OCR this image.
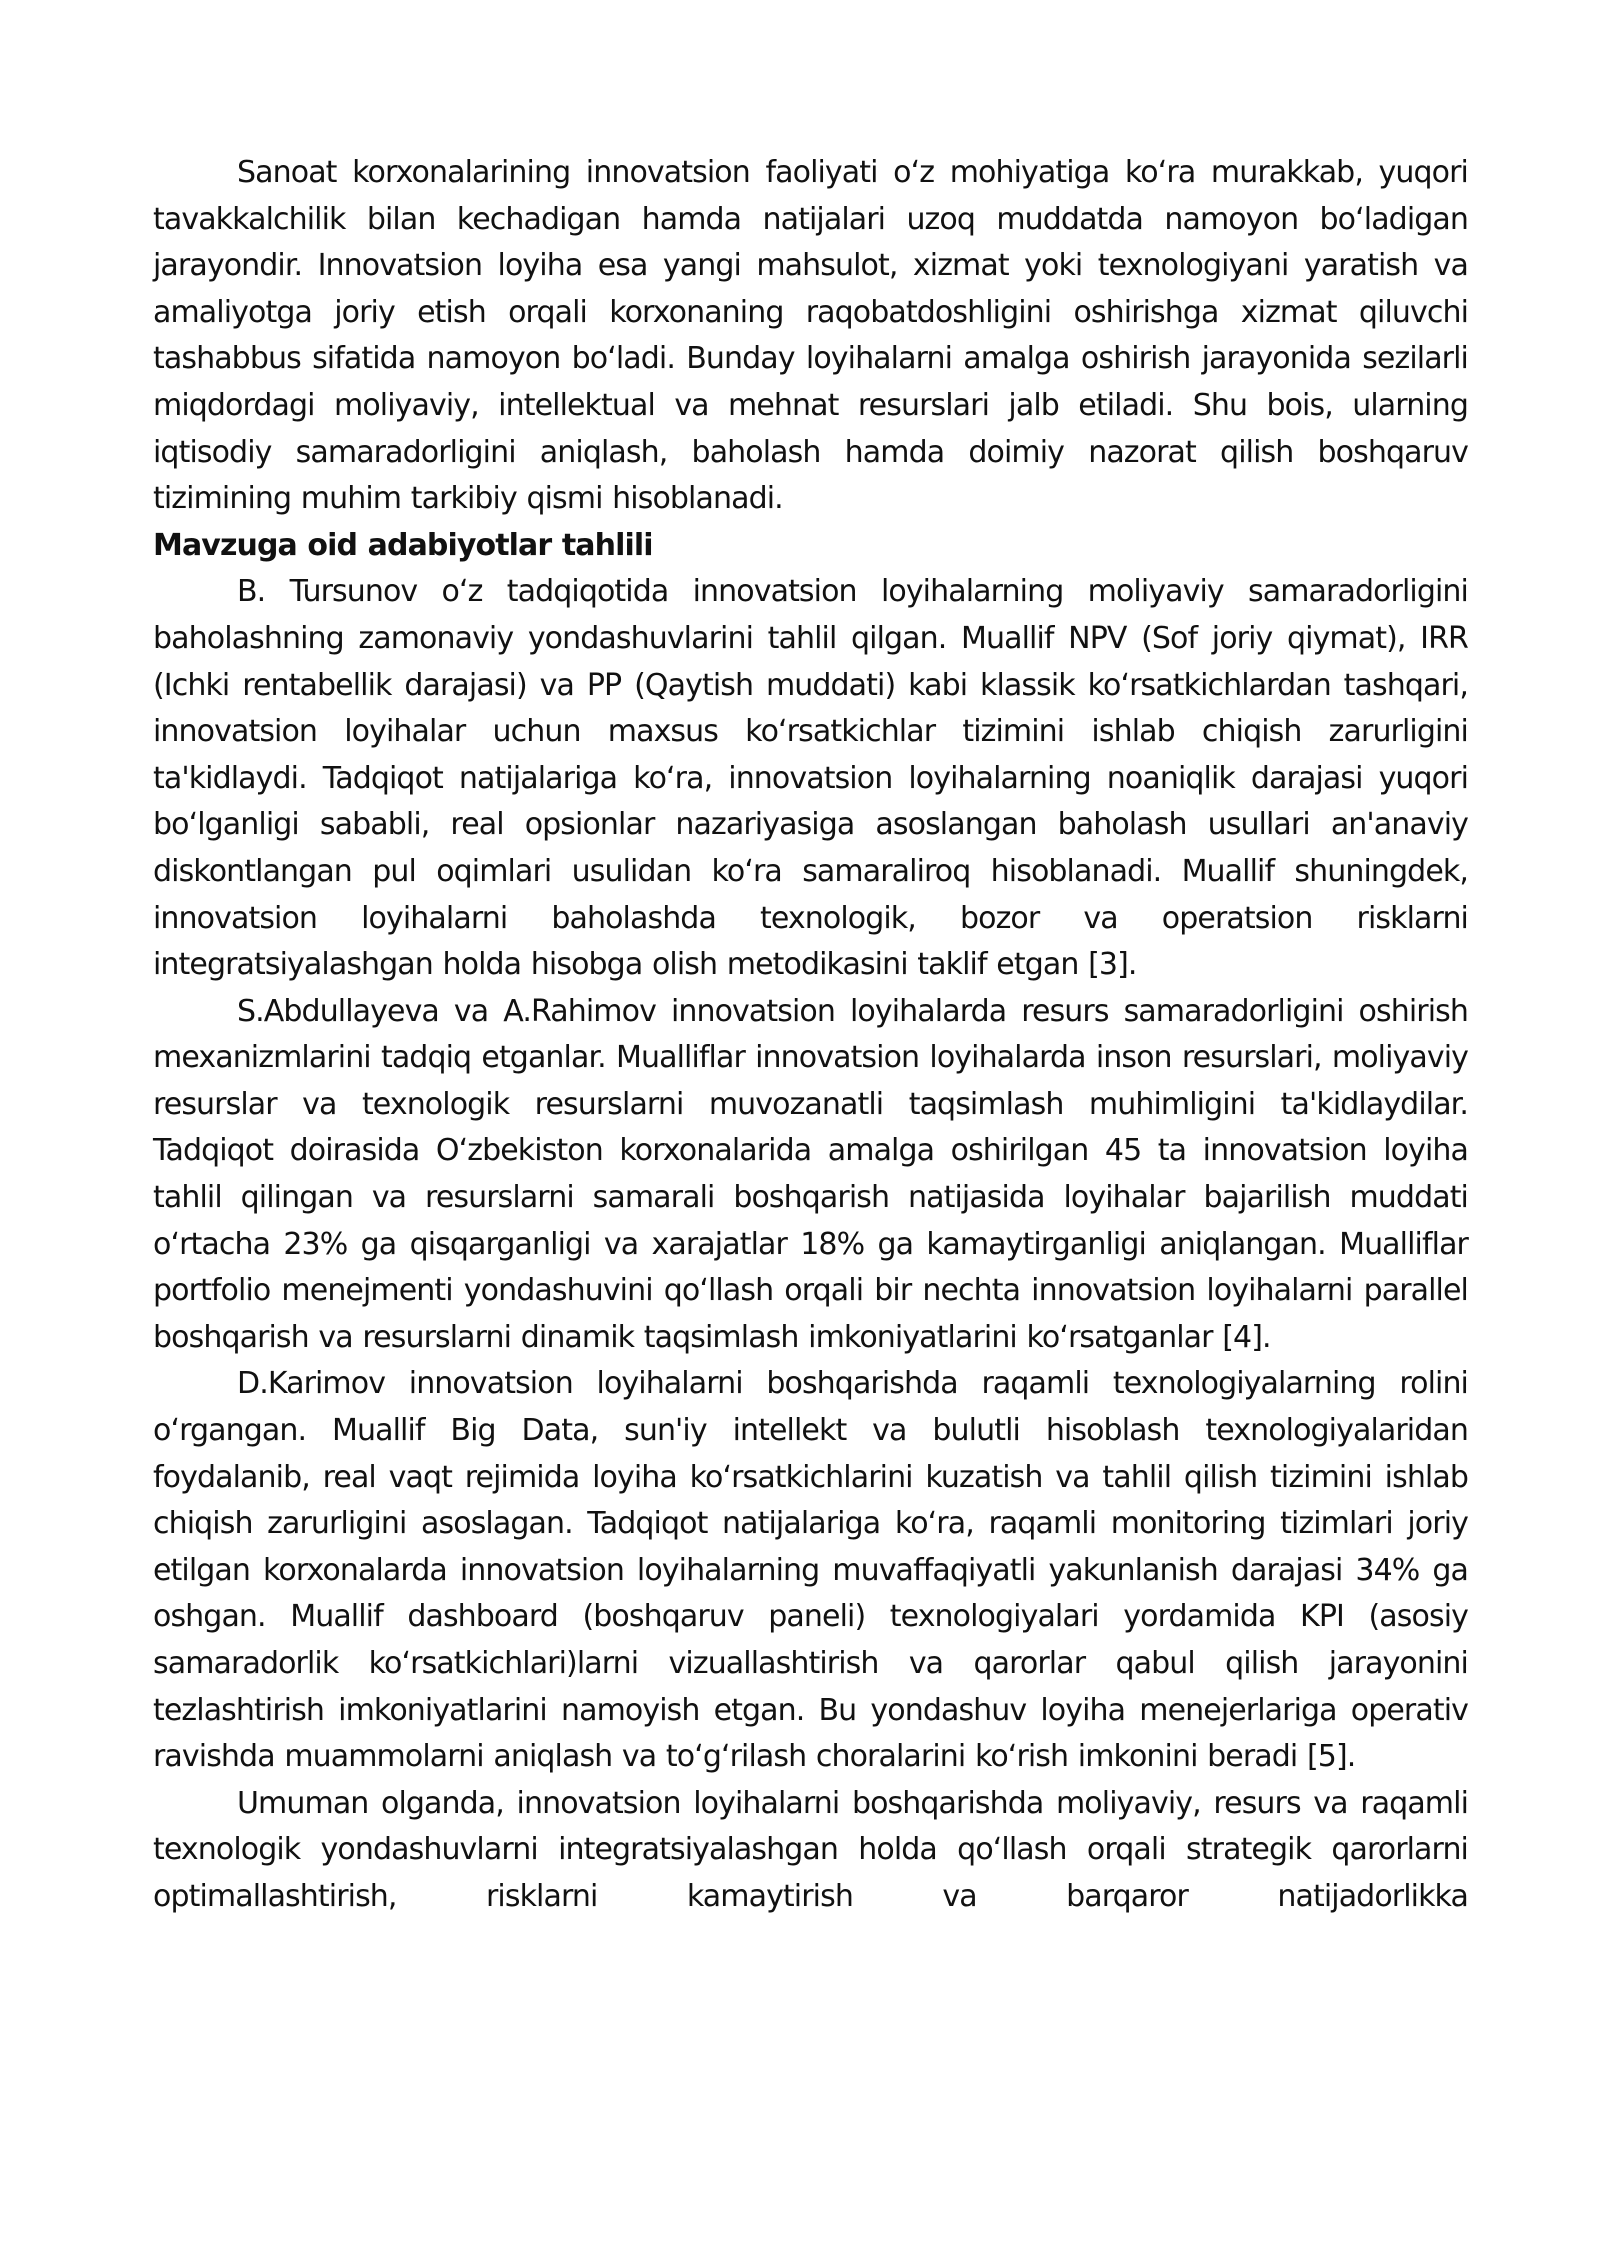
Sanoat korxonalarining innovatsion faoliyati oʻz mohiyatiga koʻra murakkab, yuqori tavakkalchilik bilan kechadigan hamda natijalari uzoq muddatda namoyon boʻladigan jarayondir. Innovatsion loyiha esa yangi mahsulot, xizmat yoki texnologiyani yaratish va amaliyotga joriy etish orqali korxonaning raqobatdoshligini oshirishga xizmat qiluvchi tashabbus sifatida namoyon boʻladi. Bunday loyihalarni amalga oshirish jarayonida sezilarli miqdordagi moliyaviy, intellektual va mehnat resurslari jalb etiladi. Shu bois, ularning iqtisodiy samaradorligini aniqlash, baholash hamda doimiy nazorat qilish boshqaruv tizimining muhim tarkibiy qismi hisoblanadi.

Mavzuga oid adabiyotlar tahlili

B. Tursunov oʻz tadqiqotida innovatsion loyihalarning moliyaviy samaradorligini baholashning zamonaviy yondashuvlarini tahlil qilgan. Muallif NPV (Sof joriy qiymat), IRR (Ichki rentabellik darajasi) va PP (Qaytish muddati) kabi klassik koʻrsatkichlardan tashqari, innovatsion loyihalar uchun maxsus koʻrsatkichlar tizimini ishlab chiqish zarurligini ta'kidlaydi. Tadqiqot natijalariga koʻra, innovatsion loyihalarning noaniqlik darajasi yuqori boʻlganligi sababli, real opsionlar nazariyasiga asoslangan baholash usullari an'anaviy diskontlangan pul oqimlari usulidan koʻra samaraliroq hisoblanadi. Muallif shuningdek, innovatsion loyihalarni baholashda texnologik, bozor va operatsion risklarni integratsiyalashgan holda hisobga olish metodikasini taklif etgan [3].

S.Abdullayeva va A.Rahimov innovatsion loyihalarda resurs samaradorligini oshirish mexanizmlarini tadqiq etganlar. Mualliflar innovatsion loyihalarda inson resurslari, moliyaviy resurslar va texnologik resurslarni muvozanatli taqsimlash muhimligini ta'kidlaydilar. Tadqiqot doirasida Oʻzbekiston korxonalarida amalga oshirilgan 45 ta innovatsion loyiha tahlil qilingan va resurslarni samarali boshqarish natijasida loyihalar bajarilish muddati oʻrtacha 23% ga qisqarganligi va xarajatlar 18% ga kamaytirganligi aniqlangan. Mualliflar portfolio menejmenti yondashuvini qoʻllash orqali bir nechta innovatsion loyihalarni parallel boshqarish va resurslarni dinamik taqsimlash imkoniyatlarini koʻrsatganlar [4].

D.Karimov innovatsion loyihalarni boshqarishda raqamli texnologiyalarning rolini oʻrgangan. Muallif Big Data, sun'iy intellekt va bulutli hisoblash texnologiyalaridan foydalanib, real vaqt rejimida loyiha koʻrsatkichlarini kuzatish va tahlil qilish tizimini ishlab chiqish zarurligini asoslagan. Tadqiqot natijalariga koʻra, raqamli monitoring tizimlari joriy etilgan korxonalarda innovatsion loyihalarning muvaffaqiyatli yakunlanish darajasi 34% ga oshgan. Muallif dashboard (boshqaruv paneli) texnologiyalari yordamida KPI (asosiy samaradorlik koʻrsatkichlari)larni vizuallashtirish va qarorlar qabul qilish jarayonini tezlashtirish imkoniyatlarini namoyish etgan. Bu yondashuv loyiha menejerlariga operativ ravishda muammolarni aniqlash va toʻgʻrilash choralarini koʻrish imkonini beradi [5].

Umuman olganda, innovatsion loyihalarni boshqarishda moliyaviy, resurs va raqamli texnologik yondashuvlarni integratsiyalashgan holda qoʻllash orqali strategik qarorlarni optimallashtirish, risklarni kamaytirish va barqaror natijadorlikka
